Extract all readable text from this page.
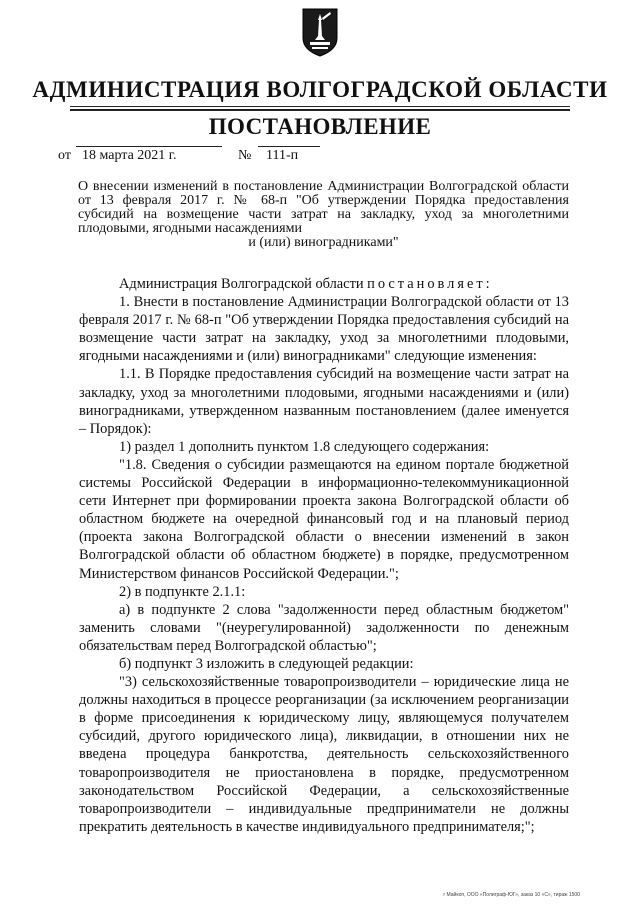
АДМИНИСТРАЦИЯ ВОЛГОГРАДСКОЙ ОБЛАСТИ
ПОСТАНОВЛЕНИЕ
от 18 марта 2021 г.	№ 111-п
О внесении изменений в постановление Администрации Волгоградской области от 13 февраля 2017 г. № 68-п "Об утверждении Порядка предоставления субсидий на возмещение части затрат на закладку, уход за многолетними плодовыми, ягодными насаждениями
и (или) виноградниками"

Администрация Волгоградской области постановляет:

1. Внести в постановление Администрации Волгоградской области от 13 февраля 2017 г. № 68-п "Об утверждении Порядка предоставления субсидий на возмещение части затрат на закладку, уход за многолетними плодовыми, ягодными насаждениями и (или) виноградниками" следующие изменения:

1.1. В Порядке предоставления субсидий на возмещение части затрат на закладку, уход за многолетними плодовыми, ягодными насаждениями и (или) виноградниками, утвержденном названным постановлением (далее именуется – Порядок):

1) раздел 1 дополнить пунктом 1.8 следующего содержания:

"1.8. Сведения о субсидии размещаются на едином портале бюджетной системы Российской Федерации в информационно-телекоммуникационной сети Интернет при формировании проекта закона Волгоградской области об областном бюджете на очередной финансовый год и на плановый период (проекта закона Волгоградской области о внесении изменений в закон Волгоградской области об областном бюджете) в порядке, предусмотренном Министерством финансов Российской Федерации.";

2) в подпункте 2.1.1:

а) в подпункте 2 слова "задолженности перед областным бюджетом" заменить словами "(неурегулированной) задолженности по денежным обязательствам перед Волгоградской областью";

б) подпункт 3 изложить в следующей редакции:

"3) сельскохозяйственные товаропроизводители – юридические лица не должны находиться в процессе реорганизации (за исключением реорганизации в форме присоединения к юридическому лицу, являющемуся получателем субсидий, другого юридического лица), ликвидации, в отношении них не введена процедура банкротства, деятельность сельскохозяйственного товаропроизводителя не приостановлена в порядке, предусмотренном законодательством Российской Федерации, а сельскохозяйственные товаропроизводители – индивидуальные предприниматели не должны прекратить деятельность в качестве индивидуального предпринимателя;";

г Майкоп, ООО «Полиграф-ЮГ», заказ 10 «С», тираж 1500
